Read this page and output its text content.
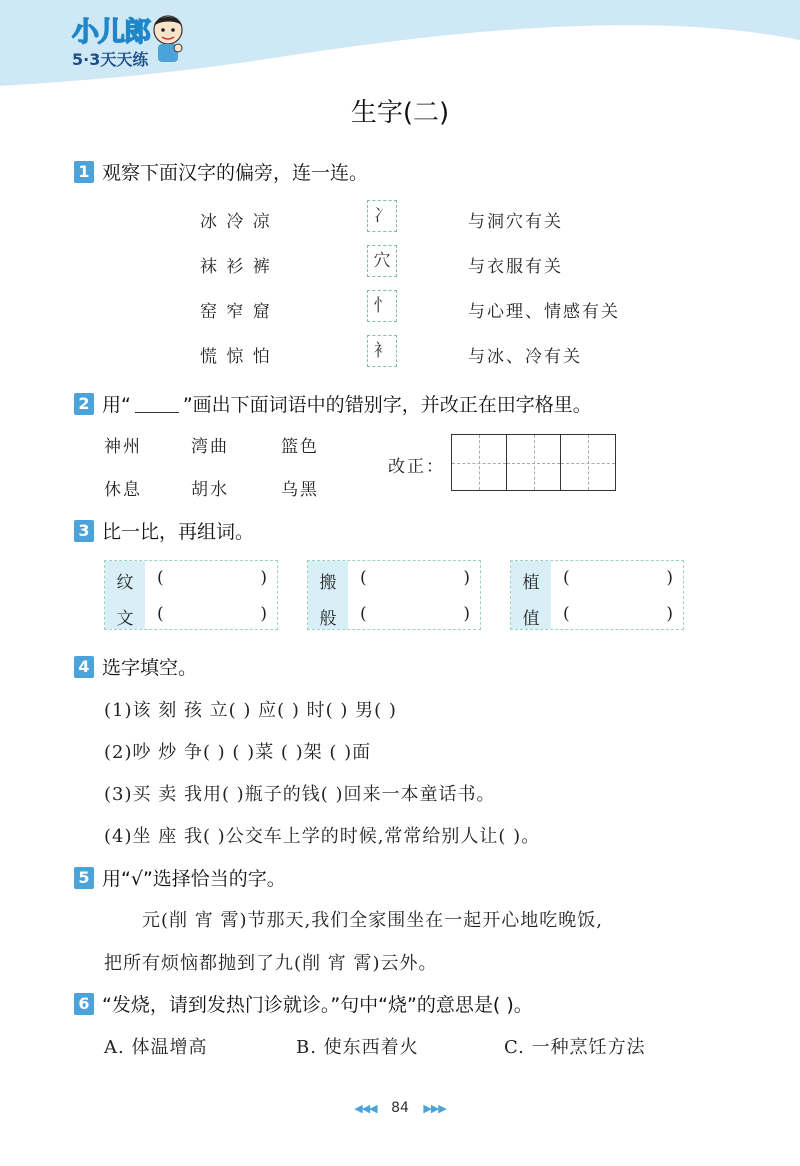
小儿郎
5·3天天练
生字(二)
1 观察下面汉字的偏旁，连一连。
冰 冷 凉	冫	与洞穴有关
袜 衫 裤	穴	与衣服有关
窑 窄 窟	忄	与心理、情感有关
慌 惊 怕	衤	与冰、冷有关
2 用“	”画出下面词语中的错别字，并改正在田字格里。
神州	湾曲	篮色
休息	胡水	乌黑
改正：
3 比一比，再组词。
纹	(	)
文	(	)
搬	(	)
般	(	)
植	(	)
值	(	)
4 选字填空。
(1)该 刻 孩 立( ) 应( ) 时( ) 男( )
(2)吵 炒 争( ) ( )菜 ( )架 ( )面
(3)买 卖 我用( )瓶子的钱( )回来一本童话书。
(4)坐 座 我( )公交车上学的时候,常常给别人让( )。
5 用“√”选择恰当的字。
元(削 宵 霄)节那天,我们全家围坐在一起开心地吃晚饭,
把所有烦恼都抛到了九(削 宵 霄)云外。
6 “发烧，请到发热门诊就诊。”句中“烧”的意思是( )。
A. 体温增高	B. 使东西着火	C. 一种烹饪方法
◀◀◀ 84 ▶▶▶
